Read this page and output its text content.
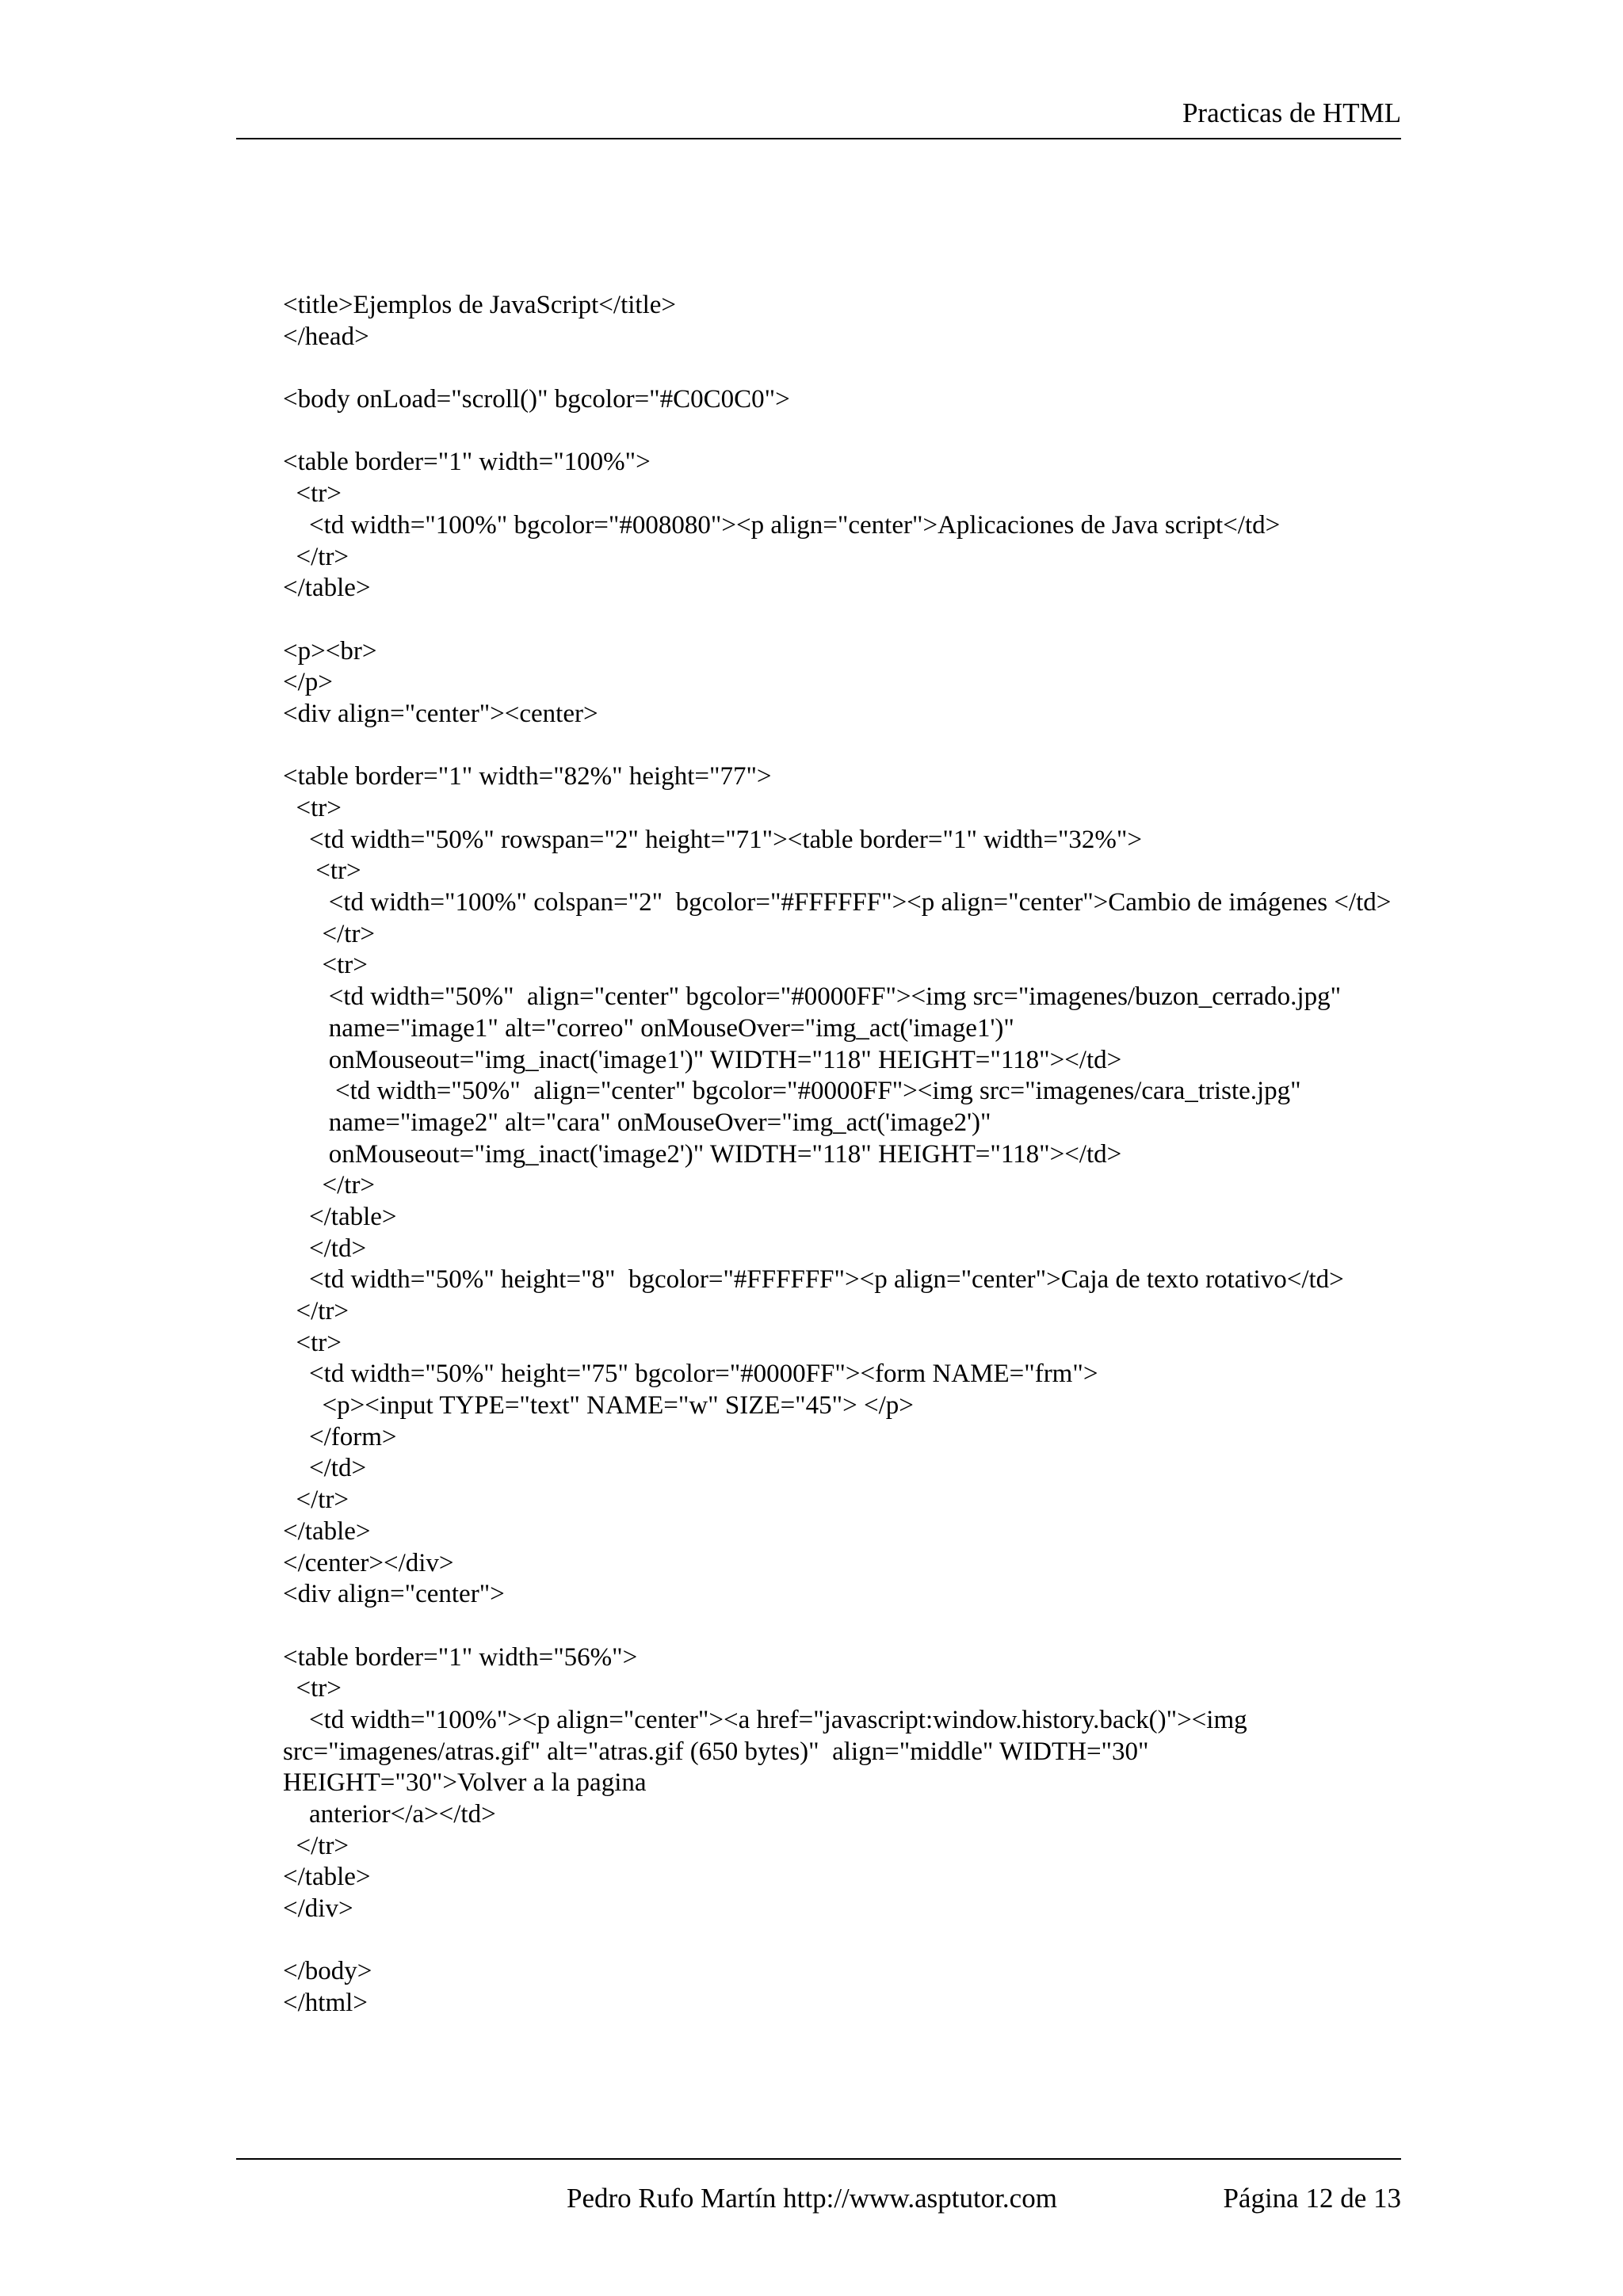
Practicas de HTML
<title>Ejemplos de JavaScript</title>
</head>
<body onLoad="scroll()" bgcolor="#C0C0C0">
<table border="1" width="100%">
<tr>
<td width="100%" bgcolor="#008080"><p align="center">Aplicaciones de Java script</td>
</tr>
</table>
<p><br>
</p>
<div align="center"><center>
<table border="1" width="82%" height="77">
<tr>
<td width="50%" rowspan="2" height="71"><table border="1" width="32%">
<tr>
<td width="100%" colspan="2"  bgcolor="#FFFFFF"><p align="center">Cambio de imágenes </td>
</tr>
<tr>
<td width="50%"  align="center" bgcolor="#0000FF"><img src="imagenes/buzon_cerrado.jpg"
name="image1" alt="correo" onMouseOver="img_act('image1')"
onMouseout="img_inact('image1')" WIDTH="118" HEIGHT="118"></td>
<td width="50%"  align="center" bgcolor="#0000FF"><img src="imagenes/cara_triste.jpg"
name="image2" alt="cara" onMouseOver="img_act('image2')"
onMouseout="img_inact('image2')" WIDTH="118" HEIGHT="118"></td>
</tr>
</table>
</td>
<td width="50%" height="8"  bgcolor="#FFFFFF"><p align="center">Caja de texto rotativo</td>
</tr>
<tr>
<td width="50%" height="75" bgcolor="#0000FF"><form NAME="frm">
<p><input TYPE="text" NAME="w" SIZE="45"> </p>
</form>
</td>
</tr>
</table>
</center></div>
<div align="center">
<table border="1" width="56%">
<tr>
<td width="100%"><p align="center"><a href="javascript:window.history.back()"><img
src="imagenes/atras.gif" alt="atras.gif (650 bytes)"  align="middle" WIDTH="30"
HEIGHT="30">Volver a la pagina
anterior</a></td>
</tr>
</table>
</div>
</body>
</html>
Pedro Rufo Martín http://www.asptutor.com	Página 12 de 13
